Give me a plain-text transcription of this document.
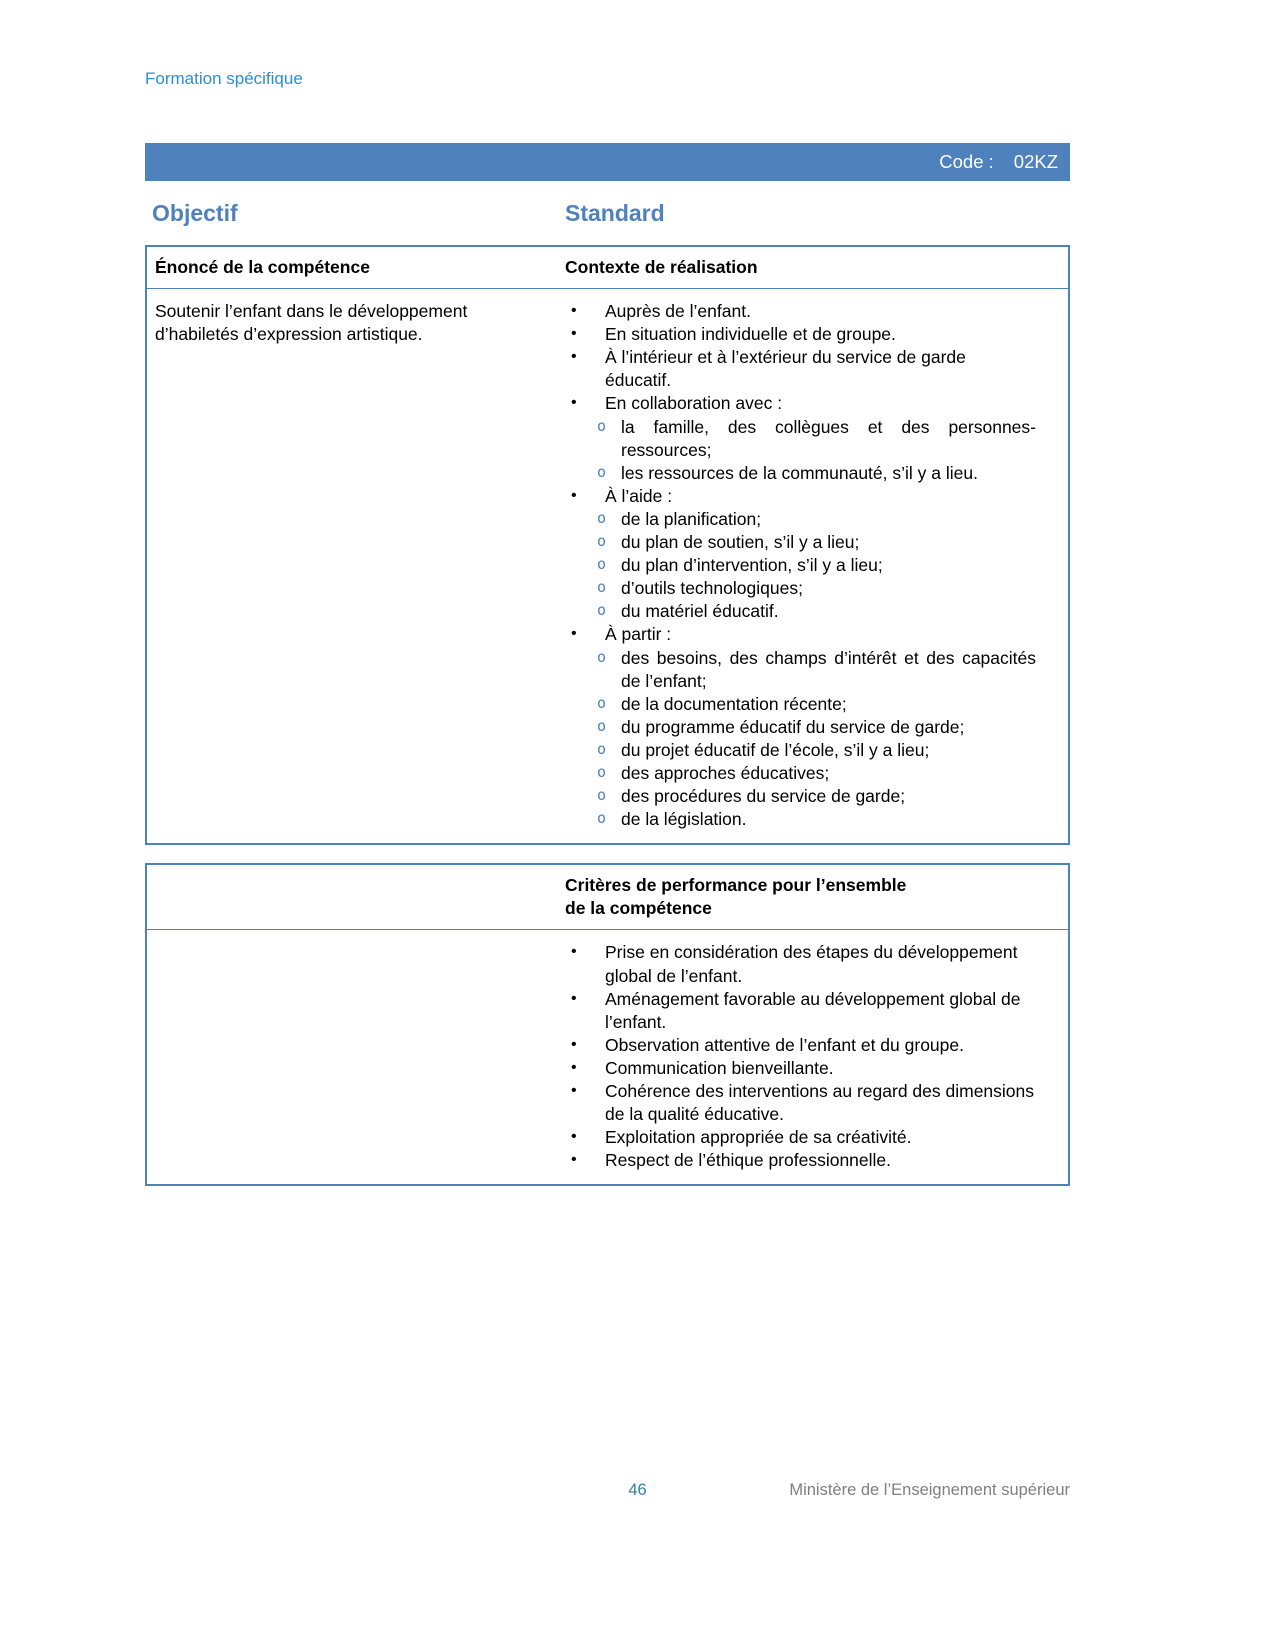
Formation spécifique
Code : 02KZ
Objectif	Standard
Énoncé de la compétence	Contexte de réalisation
Soutenir l’enfant dans le développement d’habiletés d’expression artistique.
•	Auprès de l’enfant.
•	En situation individuelle et de groupe.
•	À l’intérieur et à l’extérieur du service de garde éducatif.
•	En collaboration avec :
o la famille, des collègues et des personnes-ressources;
o les ressources de la communauté, s’il y a lieu.
•	À l’aide :
o de la planification;
o du plan de soutien, s’il y a lieu;
o du plan d’intervention, s’il y a lieu;
o d’outils technologiques;
o du matériel éducatif.
•	À partir :
o des besoins, des champs d’intérêt et des capacités de l’enfant;
o de la documentation récente;
o du programme éducatif du service de garde;
o du projet éducatif de l’école, s’il y a lieu;
o des approches éducatives;
o des procédures du service de garde;
o de la législation.
Critères de performance pour l’ensemble
de la compétence
•	Prise en considération des étapes du développement global de l’enfant.
•	Aménagement favorable au développement global de l’enfant.
•	Observation attentive de l’enfant et du groupe.
•	Communication bienveillante.
•	Cohérence des interventions au regard des dimensions de la qualité éducative.
•	Exploitation appropriée de sa créativité.
•	Respect de l’éthique professionnelle.
46	Ministère de l’Enseignement supérieur
